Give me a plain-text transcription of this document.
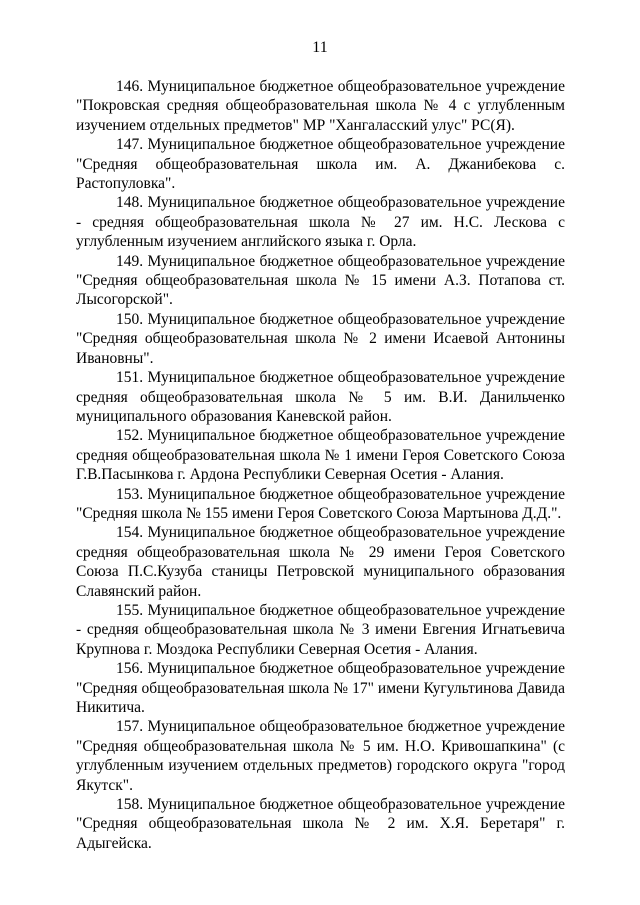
11

146. Муниципальное бюджетное общеобразовательное учреждение "Покровская средняя общеобразовательная школа № 4 с углубленным изучением отдельных предметов" МР "Хангаласский улус" РС(Я).

147. Муниципальное бюджетное общеобразовательное учреждение "Средняя общеобразовательная школа им. А. Джанибекова с. Растопуловка".

148. Муниципальное бюджетное общеобразовательное учреждение - средняя общеобразовательная школа № 27 им. Н.С. Лескова с углубленным изучением английского языка г. Орла.

149. Муниципальное бюджетное общеобразовательное учреждение "Средняя общеобразовательная школа № 15 имени А.З. Потапова ст. Лысогорской".

150. Муниципальное бюджетное общеобразовательное учреждение "Средняя общеобразовательная школа № 2 имени Исаевой Антонины Ивановны".

151. Муниципальное бюджетное общеобразовательное учреждение средняя общеобразовательная школа № 5 им. В.И. Данильченко муниципального образования Каневской район.

152. Муниципальное бюджетное общеобразовательное учреждение средняя общеобразовательная школа № 1 имени Героя Советского Союза Г.В.Пасынкова г. Ардона Республики Северная Осетия - Алания.

153. Муниципальное бюджетное общеобразовательное учреждение "Средняя школа № 155 имени Героя Советского Союза Мартынова Д.Д.".

154. Муниципальное бюджетное общеобразовательное учреждение средняя общеобразовательная школа № 29 имени Героя Советского Союза П.С.Кузуба станицы Петровской муниципального образования Славянский район.

155. Муниципальное бюджетное общеобразовательное учреждение - средняя общеобразовательная школа № 3 имени Евгения Игнатьевича Крупнова г. Моздока Республики Северная Осетия - Алания.

156. Муниципальное бюджетное общеобразовательное учреждение "Средняя общеобразовательная школа № 17" имени Кугультинова Давида Никитича.

157. Муниципальное общеобразовательное бюджетное учреждение "Средняя общеобразовательная школа № 5 им. Н.О. Кривошапкина" (с углубленным изучением отдельных предметов) городского округа "город Якутск".

158. Муниципальное бюджетное общеобразовательное учреждение "Средняя общеобразовательная школа № 2 им. Х.Я. Беретаря" г. Адыгейска.
